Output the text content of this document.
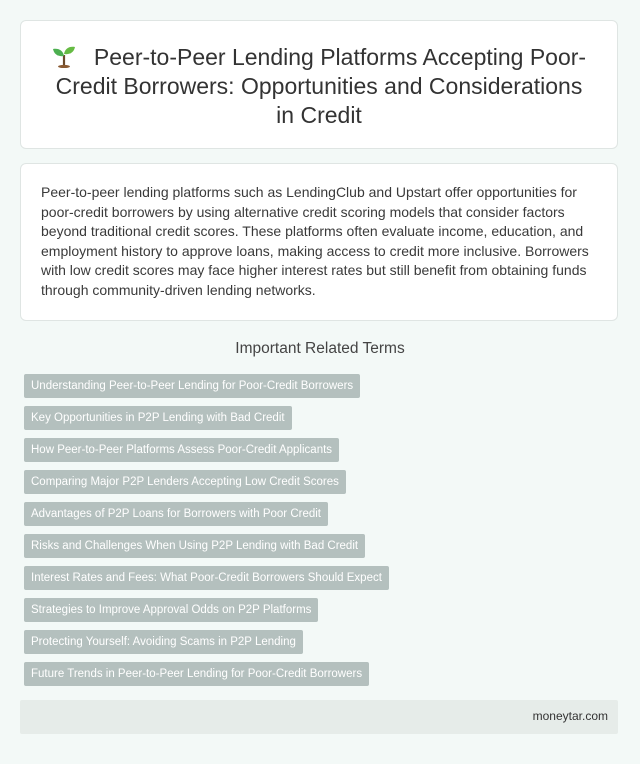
Peer-to-Peer Lending Platforms Accepting Poor-Credit Borrowers: Opportunities and Considerations in Credit

Peer-to-peer lending platforms such as LendingClub and Upstart offer opportunities for poor-credit borrowers by using alternative credit scoring models that consider factors beyond traditional credit scores. These platforms often evaluate income, education, and employment history to approve loans, making access to credit more inclusive. Borrowers with low credit scores may face higher interest rates but still benefit from obtaining funds through community-driven lending networks.

Important Related Terms
Understanding Peer-to-Peer Lending for Poor-Credit Borrowers
Key Opportunities in P2P Lending with Bad Credit
How Peer-to-Peer Platforms Assess Poor-Credit Applicants
Comparing Major P2P Lenders Accepting Low Credit Scores
Advantages of P2P Loans for Borrowers with Poor Credit
Risks and Challenges When Using P2P Lending with Bad Credit
Interest Rates and Fees: What Poor-Credit Borrowers Should Expect
Strategies to Improve Approval Odds on P2P Platforms
Protecting Yourself: Avoiding Scams in P2P Lending
Future Trends in Peer-to-Peer Lending for Poor-Credit Borrowers
moneytar.com
